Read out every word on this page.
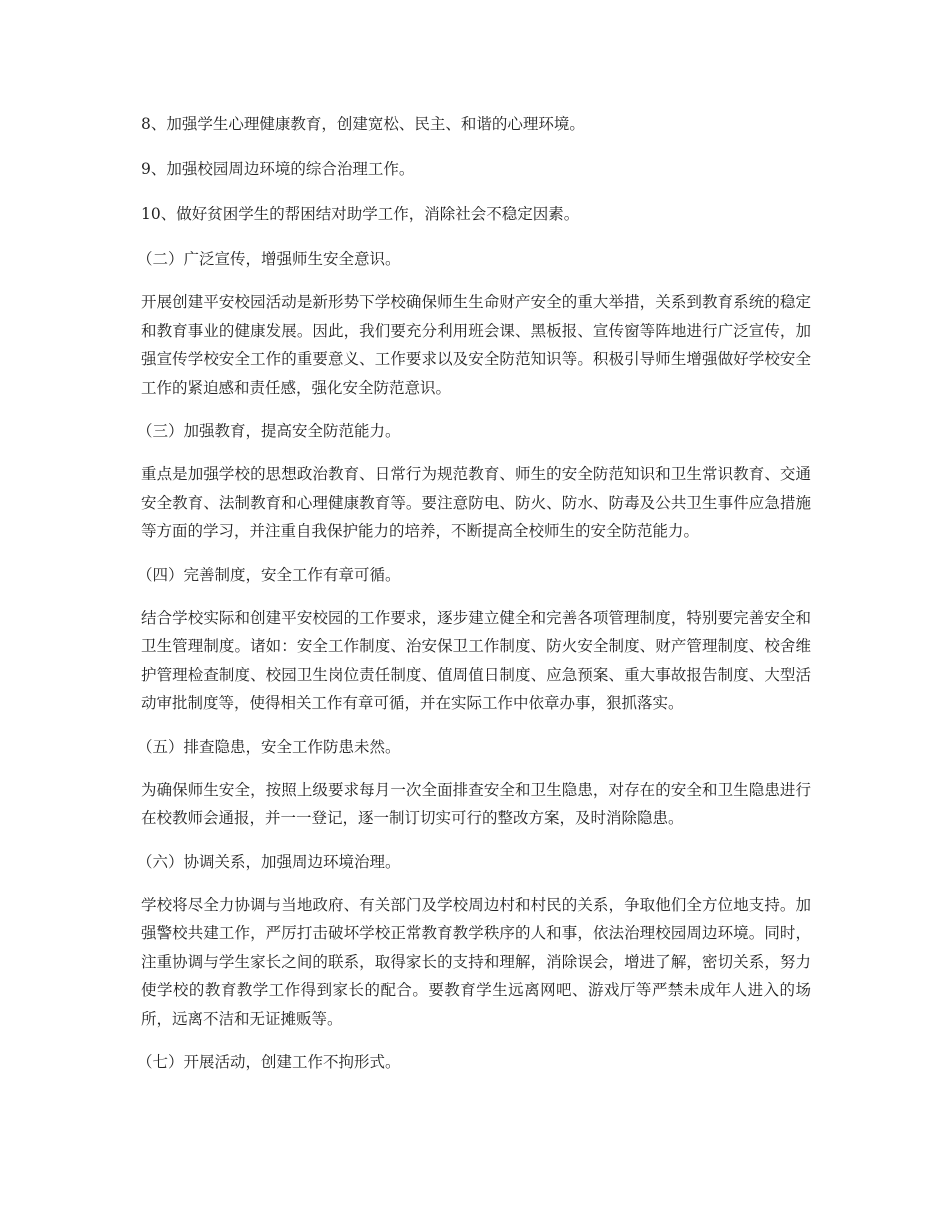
8、加强学生心理健康教育，创建宽松、民主、和谐的心理环境。

9、加强校园周边环境的综合治理工作。

10、做好贫困学生的帮困结对助学工作，消除社会不稳定因素。

（二）广泛宣传，增强师生安全意识。

开展创建平安校园活动是新形势下学校确保师生生命财产安全的重大举措，关系到教育系统的稳定和教育事业的健康发展。因此，我们要充分利用班会课、黑板报、宣传窗等阵地进行广泛宣传，加强宣传学校安全工作的重要意义、工作要求以及安全防范知识等。积极引导师生增强做好学校安全工作的紧迫感和责任感，强化安全防范意识。

（三）加强教育，提高安全防范能力。

重点是加强学校的思想政治教育、日常行为规范教育、师生的安全防范知识和卫生常识教育、交通安全教育、法制教育和心理健康教育等。要注意防电、防火、防水、防毒及公共卫生事件应急措施等方面的学习，并注重自我保护能力的培养，不断提高全校师生的安全防范能力。

（四）完善制度，安全工作有章可循。

结合学校实际和创建平安校园的工作要求，逐步建立健全和完善各项管理制度，特别要完善安全和卫生管理制度。诸如：安全工作制度、治安保卫工作制度、防火安全制度、财产管理制度、校舍维护管理检查制度、校园卫生岗位责任制度、值周值日制度、应急预案、重大事故报告制度、大型活动审批制度等，使得相关工作有章可循，并在实际工作中依章办事，狠抓落实。

（五）排查隐患，安全工作防患未然。

为确保师生安全，按照上级要求每月一次全面排查安全和卫生隐患，对存在的安全和卫生隐患进行在校教师会通报，并一一登记，逐一制订切实可行的整改方案，及时消除隐患。

（六）协调关系，加强周边环境治理。

学校将尽全力协调与当地政府、有关部门及学校周边村和村民的关系，争取他们全方位地支持。加强警校共建工作，严厉打击破坏学校正常教育教学秩序的人和事，依法治理校园周边环境。同时，注重协调与学生家长之间的联系，取得家长的支持和理解，消除误会，增进了解，密切关系，努力使学校的教育教学工作得到家长的配合。要教育学生远离网吧、游戏厅等严禁未成年人进入的场所，远离不洁和无证摊贩等。

（七）开展活动，创建工作不拘形式。
